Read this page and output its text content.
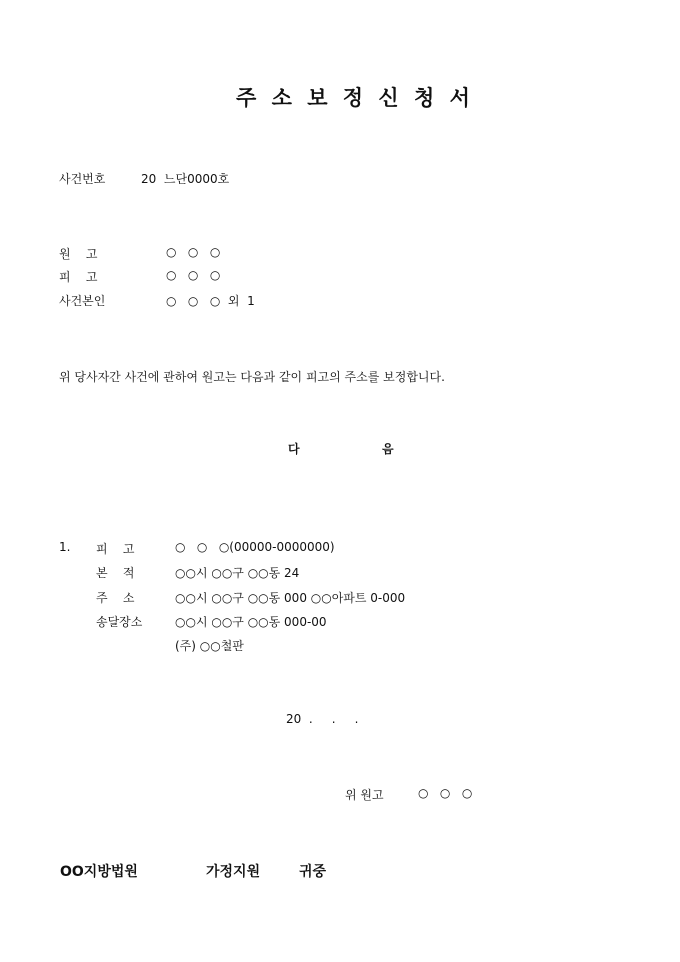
주 소 보 정 신 청 서
사건번호	20  느단0000호
원    고	○   ○   ○
피    고	○   ○   ○
사건본인	○   ○   ○  외  1
위 당사자간 사건에 관하여 원고는 다음과 같이 피고의 주소를 보정합니다.
다	음
1. 피    고	○   ○   ○(00000-0000000)
본    적	○○시 ○○구 ○○동 24
주    소	○○시 ○○구 ○○동 000 ○○아파트 0-000
송달장소	○○시 ○○구 ○○동 000-00
(주) ○○철판
20  .     .     .
위 원고	○   ○   ○
OO지방법원	가정지원	귀중
